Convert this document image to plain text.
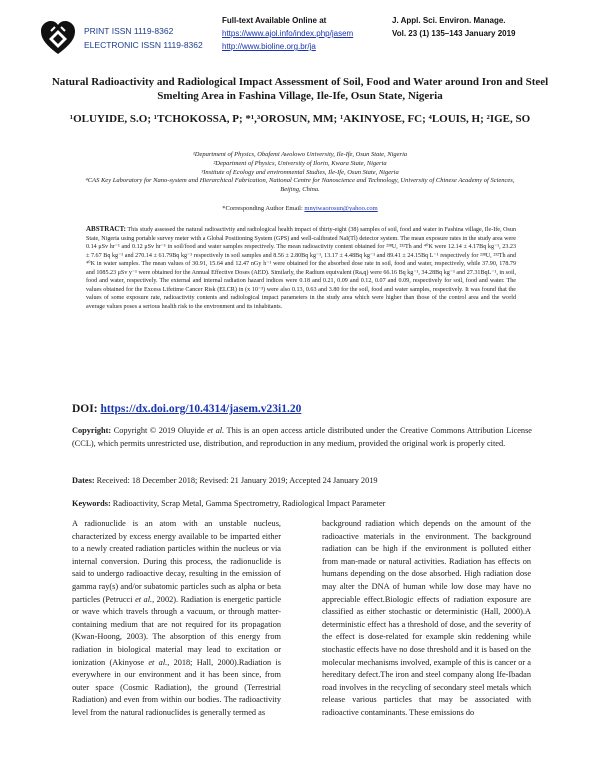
PRINT ISSN 1119-8362
ELECTRONIC ISSN 1119-8362
Full-text Available Online at
https://www.ajol.info/index.php/jasem
http://www.bioline.org.br/ja
J. Appl. Sci. Environ. Manage.
Vol. 23 (1) 135–143 January 2019
Natural Radioactivity and Radiological Impact Assessment of Soil, Food and Water around Iron and Steel Smelting Area in Fashina Village, Ile-Ife, Osun State, Nigeria
¹OLUYIDE, S.O; ¹TCHOKOSSA, P; *¹,³OROSUN, MM; ¹AKINYOSE, FC; ⁴LOUIS, H; ²IGE, SO
¹Department of Physics, Obafemi Awolowo University, Ile-Ife, Osun State, Nigeria
²Department of Physics, University of Ilorin, Kwara State, Nigeria
³Institute of Ecology and environmental Studies, Ile-Ife, Osun State, Nigeria
⁴CAS Key Laboratory for Nano-system and Hierarchical Fabrication, National Centre for Nanoscience and Technology, University of Chinese Academy of Sciences, Beijing, China.
*Corresponding Author Email: mnyiwaorosun@yahoo.com
ABSTRACT: This study assessed the natural radioactivity and radiological health impact of thirty-eight (38) samples of soil, food and water in Fashina village, Ile-Ife, Osun State, Nigeria using portable survey meter with a Global Positioning System (GPS) and well-calibrated NaI(Tl) detector system. The mean exposure rates in the study area were 0.14 μSv hr⁻¹ and 0.12 μSv hr⁻¹ in soil/food and water samples respectively. The mean radioactivity content obtained for ²³⁸U, ²³²Th and ⁴⁰K were 12.14 ± 4.17Bq kg⁻¹, 23.23 ± 7.67 Bq kg⁻¹ and 270.14 ± 61.79Bq kg⁻¹ respectively in soil samples and 8.56 ± 2.80Bq kg⁻¹, 13.17 ± 4.48Bq kg⁻¹ and 89.41 ± 24.15Bq L⁻¹ respectively for ²³⁸U, ²³²Th and ⁴⁰K in water samples. The mean values of 30.91, 15.64 and 12.47 nGy h⁻¹ were obtained for the absorbed dose rate in soil, food and water, respectively, while 37.90, 178.79 and 1085.23 μSv y⁻¹ were obtained for the Annual Effective Doses (AED). Similarly, the Radium equivalent (Raₑq) were 66.16 Bq kg⁻¹, 34.28Bq kg⁻¹ and 27.31BqL⁻¹, in soil, food and water, respectively. The external and internal radiation hazard indices were 0.18 and 0.21, 0.09 and 0.12, 0.07 and 0.09, respectively for soil, food and water. The values obtained for the Excess Lifetime Cancer Risk (ELCR) in (x 10⁻³) were also 0.13, 0.63 and 3.80 for the soil, food and water samples, respectively. It was found that the values of some exposure rate, radioactivity contents and radiological impact parameters in the study area which were higher than those of the control area and the world average values poses a serious health risk to the environment and its inhabitants.
DOI: https://dx.doi.org/10.4314/jasem.v23i1.20
Copyright: Copyright © 2019 Oluyide et al. This is an open access article distributed under the Creative Commons Attribution License (CCL), which permits unrestricted use, distribution, and reproduction in any medium, provided the original work is properly cited.
Dates: Received: 18 December 2018; Revised: 21 January 2019; Accepted 24 January 2019
Keywords: Radioactivity, Scrap Metal, Gamma Spectrometry, Radiological Impact Parameter
A radionuclide is an atom with an unstable nucleus, characterized by excess energy available to be imparted either to a newly created radiation particles within the nucleus or via internal conversion. During this process, the radionuclide is said to undergo radioactive decay, resulting in the emission of gamma ray(s) and/or subatomic particles such as alpha or beta particles (Petrucci et al., 2002). Radiation is energetic particle or wave which travels through a vacuum, or through matter-containing medium that are not required for its propagation (Kwan-Hoong, 2003). The absorption of this energy from radiation in biological material may lead to excitation or ionization (Akinyose et al., 2018; Hall, 2000).Radiation is everywhere in our environment and it has been since, from outer space (Cosmic Radiation), the ground (Terrestrial Radiation) and even from within our bodies. The radioactivity level from the natural radionuclides is generally termed as
background radiation which depends on the amount of the radioactive materials in the environment. The background radiation can be high if the environment is polluted either from man-made or natural activities. Radiation has effects on humans depending on the dose absorbed. High radiation dose may alter the DNA of human while low dose may have no appreciable effect.Biologic effects of radiation exposure are classified as either stochastic or deterministic (Hall, 2000).A deterministic effect has a threshold of dose, and the severity of the effect is dose-related for example skin reddening while stochastic effects have no dose threshold and it is based on the molecular mechanisms involved, example of this is cancer or a hereditary defect.The iron and steel company along Ife-Ibadan road involves in the recycling of secondary steel metals which release various particles that may be associated with radioactive contaminants. These emissions do
